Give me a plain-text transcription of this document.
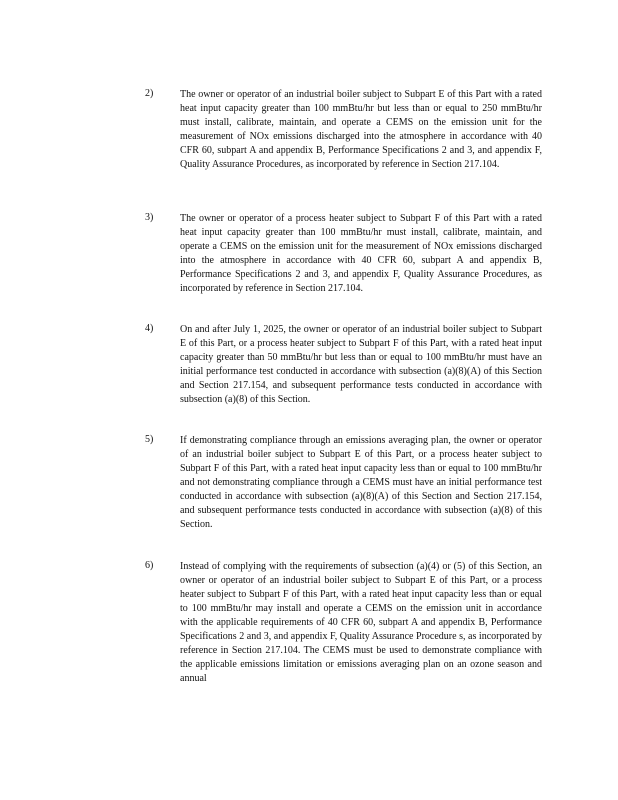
2)	The owner or operator of an industrial boiler subject to Subpart E of this Part with a rated heat input capacity greater than 100 mmBtu/hr but less than or equal to 250 mmBtu/hr must install, calibrate, maintain, and operate a CEMS on the emission unit for the measurement of NOx emissions discharged into the atmosphere in accordance with 40 CFR 60, subpart A and appendix B, Performance Specifications 2 and 3, and appendix F, Quality Assurance Procedures, as incorporated by reference in Section 217.104.
3)	The owner or operator of a process heater subject to Subpart F of this Part with a rated heat input capacity greater than 100 mmBtu/hr must install, calibrate, maintain, and operate a CEMS on the emission unit for the measurement of NOx emissions discharged into the atmosphere in accordance with 40 CFR 60, subpart A and appendix B, Performance Specifications 2 and 3, and appendix F, Quality Assurance Procedures, as incorporated by reference in Section 217.104.
4)	On and after July 1, 2025, the owner or operator of an industrial boiler subject to Subpart E of this Part, or a process heater subject to Subpart F of this Part, with a rated heat input capacity greater than 50 mmBtu/hr but less than or equal to 100 mmBtu/hr must have an initial performance test conducted in accordance with subsection (a)(8)(A) of this Section and Section 217.154, and subsequent performance tests conducted in accordance with subsection (a)(8) of this Section.
5)	If demonstrating compliance through an emissions averaging plan, the owner or operator of an industrial boiler subject to Subpart E of this Part, or a process heater subject to Subpart F of this Part, with a rated heat input capacity less than or equal to 100 mmBtu/hr and not demonstrating compliance through a CEMS must have an initial performance test conducted in accordance with subsection (a)(8)(A) of this Section and Section 217.154, and subsequent performance tests conducted in accordance with subsection (a)(8) of this Section.
6)	Instead of complying with the requirements of subsection (a)(4) or (5) of this Section, an owner or operator of an industrial boiler subject to Subpart E of this Part, or a process heater subject to Subpart F of this Part, with a rated heat input capacity less than or equal to 100 mmBtu/hr may install and operate a CEMS on the emission unit in accordance with the applicable requirements of 40 CFR 60, subpart A and appendix B, Performance Specifications 2 and 3, and appendix F, Quality Assurance Procedure s, as incorporated by reference in Section 217.104. The CEMS must be used to demonstrate compliance with the applicable emissions limitation or emissions averaging plan on an ozone season and annual
